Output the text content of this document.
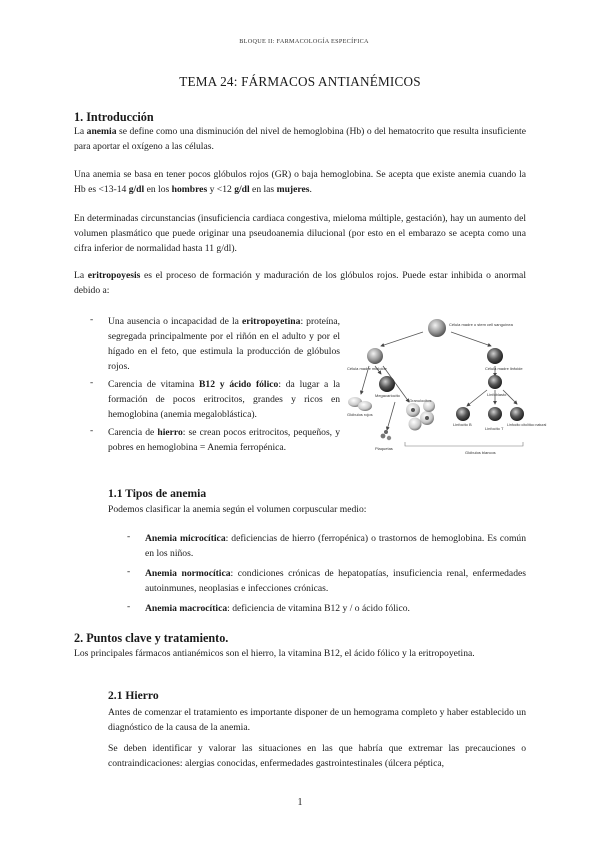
BLOQUE II: FARMACOLOGÍA ESPECÍFICA
TEMA 24: FÁRMACOS ANTIANÉMICOS
1. Introducción
La anemia se define como una disminución del nivel de hemoglobina (Hb) o del hematocrito que resulta insuficiente para aportar el oxígeno a las células.
Una anemia se basa en tener pocos glóbulos rojos (GR) o baja hemoglobina. Se acepta que existe anemia cuando la Hb es <13-14 g/dl en los hombres y <12 g/dl en las mujeres.
En determinadas circunstancias (insuficiencia cardiaca congestiva, mieloma múltiple, gestación), hay un aumento del volumen plasmático que puede originar una pseudoanemia dilucional (por esto en el embarazo se acepta como una cifra inferior de normalidad hasta 11 g/dl).
La eritropoyesis es el proceso de formación y maduración de los glóbulos rojos. Puede estar inhibida o anormal debido a:
- Una ausencia o incapacidad de la eritropoyetina: proteína, segregada principalmente por el riñón en el adulto y por el hígado en el feto, que estimula la producción de glóbulos rojos.
- Carencia de vitamina B12 y ácido fólico: da lugar a la formación de pocos eritrocitos, grandes y ricos en hemoglobina (anemia megaloblástica).
- Carencia de hierro: se crean pocos eritrocitos, pequeños, y pobres en hemoglobina = Anemia ferropénica.
Célula madre o stem cell sanguínea
Célula madre mieloide	Célula madre linfoide
Megacariocito
Granulocitos
Glóbulos rojos
Plaquetas
Linfoblasto
Linfocito B
Linfocito T
Glóbulos blancos
Linfocito citolítico natural
1.1 Tipos de anemia
Podemos clasificar la anemia según el volumen corpuscular medio:
- Anemia microcítica: deficiencias de hierro (ferropénica) o trastornos de hemoglobina. Es común en los niños.
- Anemia normocítica: condiciones crónicas de hepatopatías, insuficiencia renal, enfermedades autoinmunes, neoplasias e infecciones crónicas.
- Anemia macrocítica: deficiencia de vitamina B12 y / o ácido fólico.
2. Puntos clave y tratamiento.
Los principales fármacos antianémicos son el hierro, la vitamina B12, el ácido fólico y la eritropoyetina.
2.1 Hierro
Antes de comenzar el tratamiento es importante disponer de un hemograma completo y haber establecido un diagnóstico de la causa de la anemia.
Se deben identificar y valorar las situaciones en las que habría que extremar las precauciones o contraindicaciones: alergias conocidas, enfermedades gastrointestinales (úlcera péptica,
1
